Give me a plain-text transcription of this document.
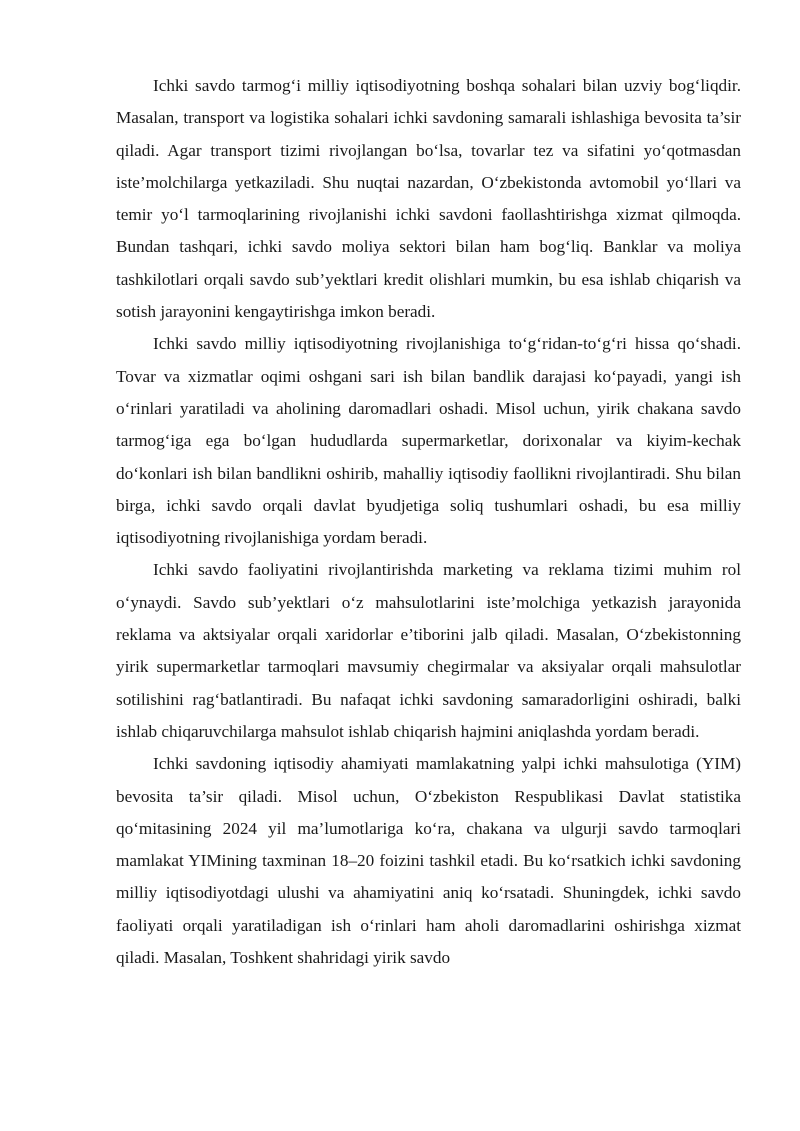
Ichki savdo tarmog‘i milliy iqtisodiyotning boshqa sohalari bilan uzviy bog‘liqdir. Masalan, transport va logistika sohalari ichki savdoning samarali ishlashiga bevosita ta’sir qiladi. Agar transport tizimi rivojlangan bo‘lsa, tovarlar tez va sifatini yo‘qotmasdan iste’molchilarga yetkaziladi. Shu nuqtai nazardan, O‘zbekistonda avtomobil yo‘llari va temir yo‘l tarmoqlarining rivojlanishi ichki savdoni faollashtirishga xizmat qilmoqda. Bundan tashqari, ichki savdo moliya sektori bilan ham bog‘liq. Banklar va moliya tashkilotlari orqali savdo sub’yektlari kredit olishlari mumkin, bu esa ishlab chiqarish va sotish jarayonini kengaytirishga imkon beradi.

Ichki savdo milliy iqtisodiyotning rivojlanishiga to‘g‘ridan-to‘g‘ri hissa qo‘shadi. Tovar va xizmatlar oqimi oshgani sari ish bilan bandlik darajasi ko‘payadi, yangi ish o‘rinlari yaratiladi va aholining daromadlari oshadi. Misol uchun, yirik chakana savdo tarmog‘iga ega bo‘lgan hududlarda supermarketlar, dorixonalar va kiyim-kechak do‘konlari ish bilan bandlikni oshirib, mahalliy iqtisodiy faollikni rivojlantiradi. Shu bilan birga, ichki savdo orqali davlat byudjetiga soliq tushumlari oshadi, bu esa milliy iqtisodiyotning rivojlanishiga yordam beradi.

Ichki savdo faoliyatini rivojlantirishda marketing va reklama tizimi muhim rol o‘ynaydi. Savdo sub’yektlari o‘z mahsulotlarini iste’molchiga yetkazish jarayonida reklama va aktsiyalar orqali xaridorlar e’tiborini jalb qiladi. Masalan, O‘zbekistonning yirik supermarketlar tarmoqlari mavsumiy chegirmalar va aksiyalar orqali mahsulotlar sotilishini rag‘batlantiradi. Bu nafaqat ichki savdoning samaradorligini oshiradi, balki ishlab chiqaruvchilarga mahsulot ishlab chiqarish hajmini aniqlashda yordam beradi.

Ichki savdoning iqtisodiy ahamiyati mamlakatning yalpi ichki mahsulotiga (YIM) bevosita ta’sir qiladi. Misol uchun, O‘zbekiston Respublikasi Davlat statistika qo‘mitasining 2024 yil ma’lumotlariga ko‘ra, chakana va ulgurji savdo tarmoqlari mamlakat YIMining taxminan 18–20 foizini tashkil etadi. Bu ko‘rsatkich ichki savdoning milliy iqtisodiyotdagi ulushi va ahamiyatini aniq ko‘rsatadi. Shuningdek, ichki savdo faoliyati orqali yaratiladigan ish o‘rinlari ham aholi daromadlarini oshirishga xizmat qiladi. Masalan, Toshkent shahridagi yirik savdo
